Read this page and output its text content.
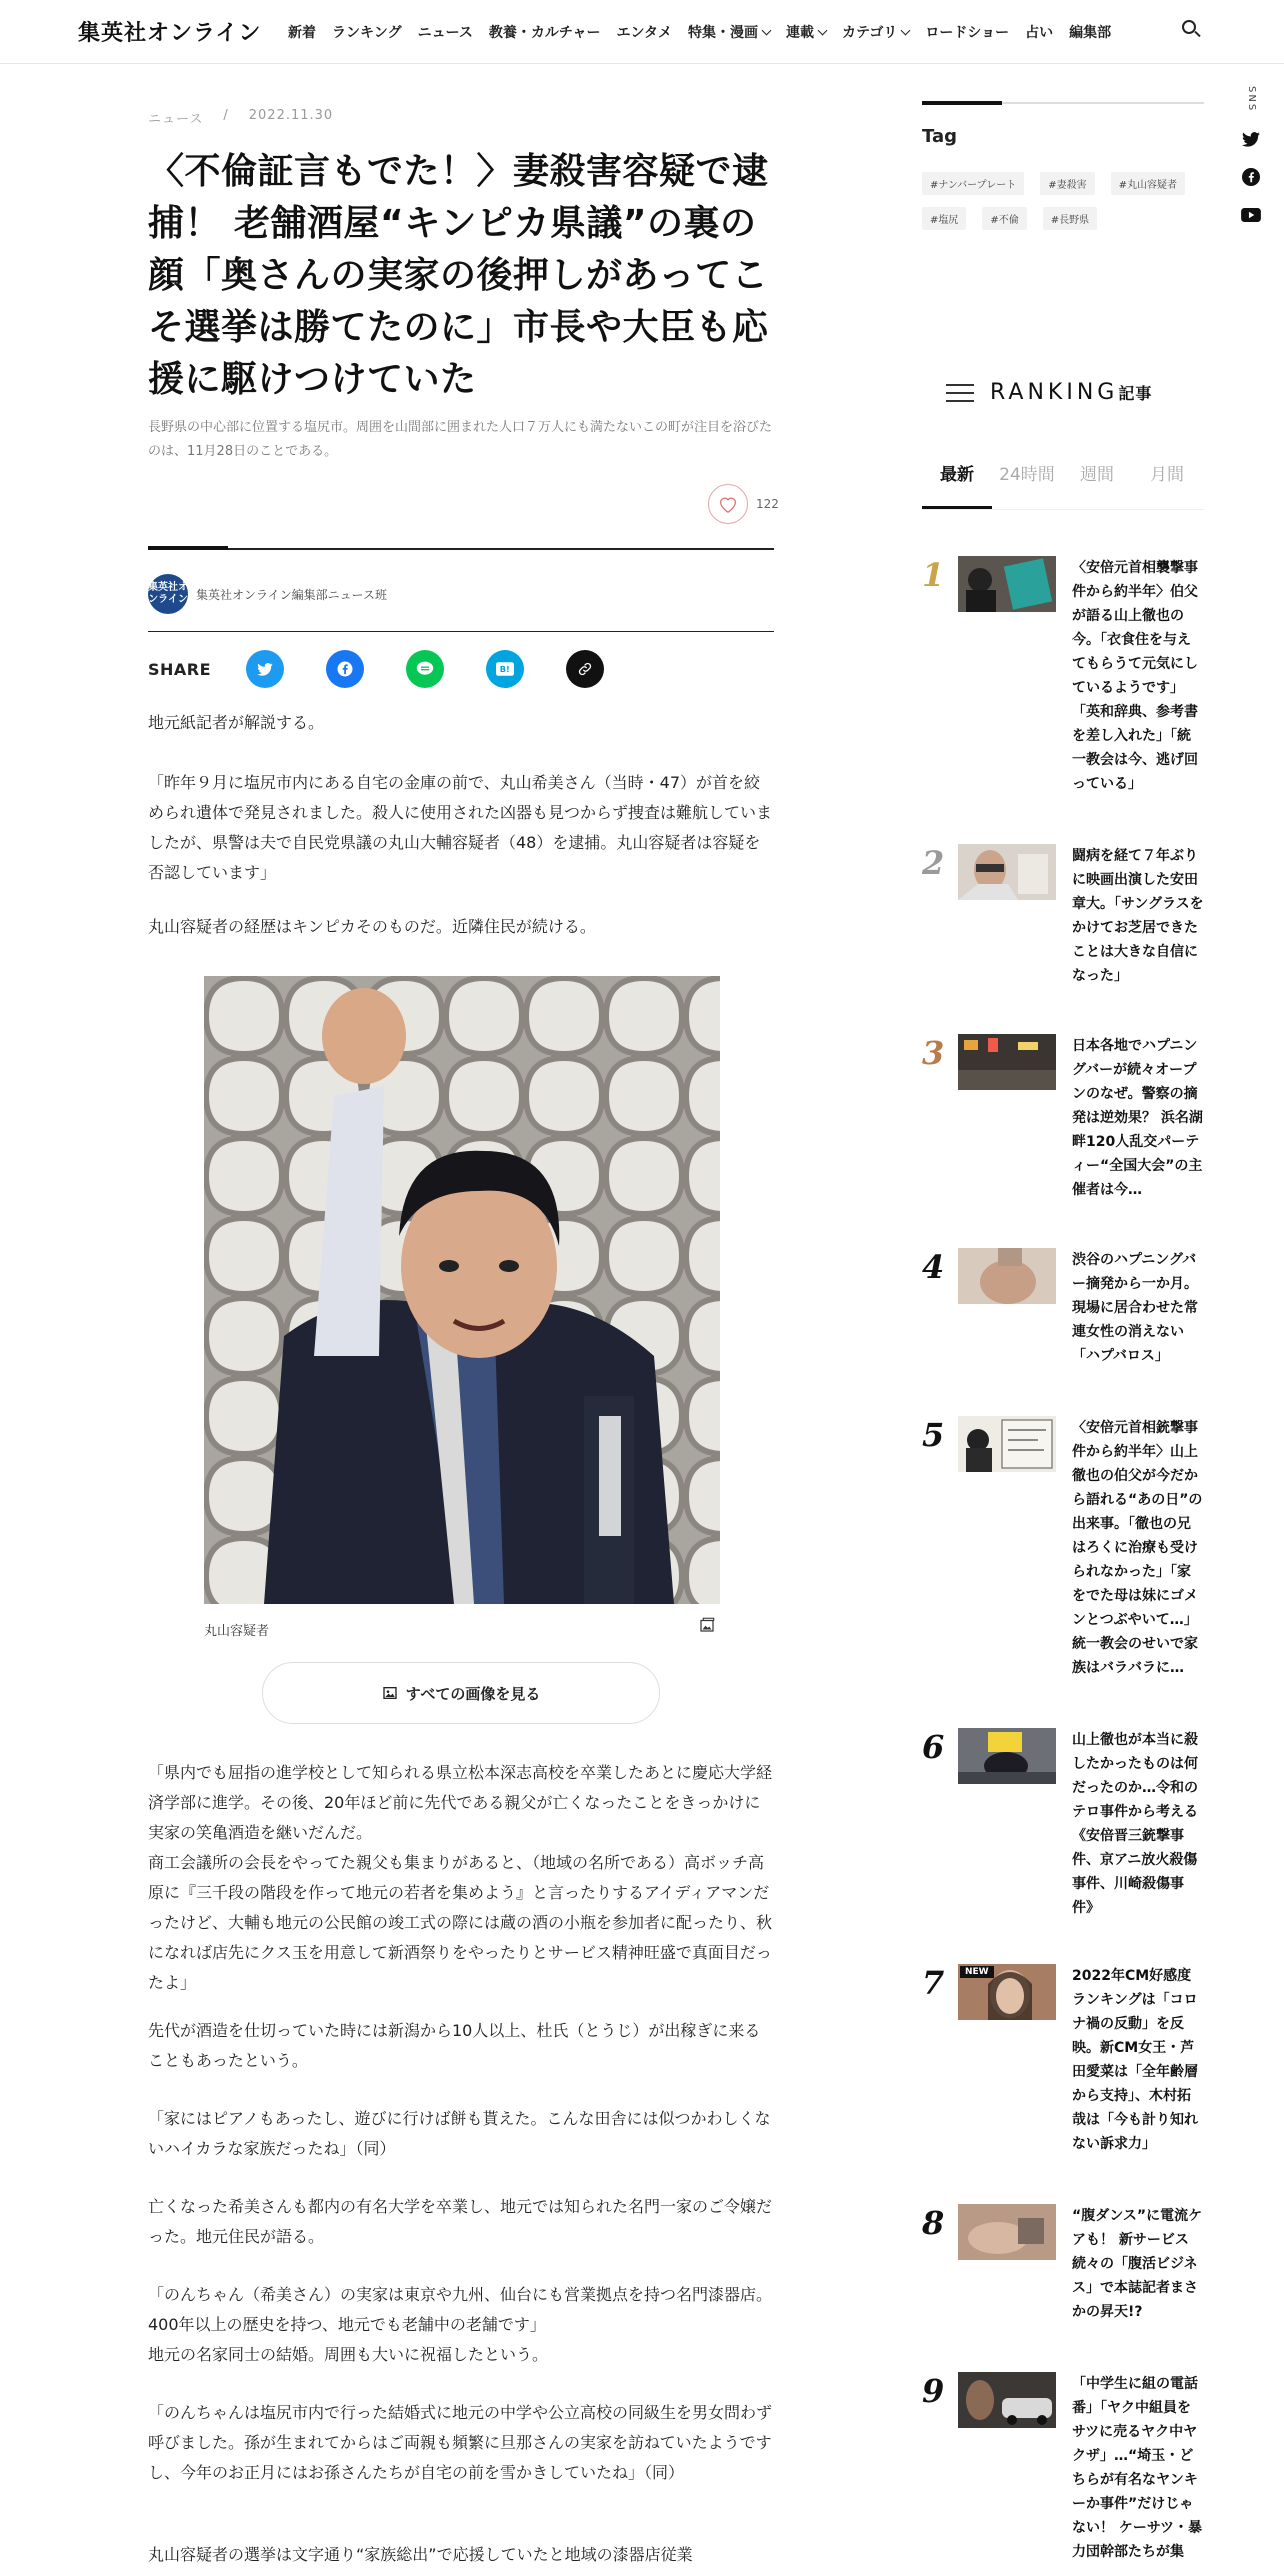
集英社オンライン 新着 ランキング ニュース 教養・カルチャー エンタメ 特集・漫画 連載 カテゴリ ロードショー 占い 編集部
SNS
ニュース / 2022.11.30
〈不倫証言もでた！〉妻殺害容疑で逮捕！ 老舗酒屋“キンピカ県議”の裏の顔「奥さんの実家の後押しがあってこそ選挙は勝てたのに」市長や大臣も応援に駆けつけていた

長野県の中心部に位置する塩尻市。周囲を山間部に囲まれた人口７万人にも満たないこの町が注目を浴びたのは、11月28日のことである。

122
集英社オンライン 集英社オンライン編集部ニュース班
SHARE	B!

地元紙記者が解説する。

「昨年９月に塩尻市内にある自宅の金庫の前で、丸山希美さん（当時・47）が首を絞められ遺体で発見されました。殺人に使用された凶器も見つからず捜査は難航していましたが、県警は夫で自民党県議の丸山大輔容疑者（48）を逮捕。丸山容疑者は容疑を否認しています」

丸山容疑者の経歴はキンピカそのものだ。近隣住民が続ける。

丸山容疑者
すべての画像を見る

「県内でも屈指の進学校として知られる県立松本深志高校を卒業したあとに慶応大学経済学部に進学。その後、20年ほど前に先代である親父が亡くなったことをきっかけに実家の笑亀酒造を継いだんだ。
商工会議所の会長をやってた親父も集まりがあると、（地域の名所である）高ボッチ高原に『三千段の階段を作って地元の若者を集めよう』と言ったりするアイディアマンだったけど、大輔も地元の公民館の竣工式の際には蔵の酒の小瓶を参加者に配ったり、秋になれば店先にクス玉を用意して新酒祭りをやったりとサービス精神旺盛で真面目だったよ」

先代が酒造を仕切っていた時には新潟から10人以上、杜氏（とうじ）が出稼ぎに来ることもあったという。

「家にはピアノもあったし、遊びに行けば餅も貰えた。こんな田舎には似つかわしくないハイカラな家族だったね」（同）

亡くなった希美さんも都内の有名大学を卒業し、地元では知られた名門一家のご令嬢だった。地元住民が語る。

「のんちゃん（希美さん）の実家は東京や九州、仙台にも営業拠点を持つ名門漆器店。400年以上の歴史を持つ、地元でも老舗中の老舗です」
地元の名家同士の結婚。周囲も大いに祝福したという。

「のんちゃんは塩尻市内で行った結婚式に地元の中学や公立高校の同級生を男女問わず呼びました。孫が生まれてからはご両親も頻繁に旦那さんの実家を訪ねていたようですし、今年のお正月にはお孫さんたちが自宅の前を雪かきしていたね」（同）

丸山容疑者の選挙は文字通り“家族総出”で応援していたと地域の漆器店従業

Tag
#ナンバープレート	#妻殺害	#丸山容疑者
#塩尻	#不倫	#長野県
RANKING記事
最新	24時間	週間	月間
1	〈安倍元首相襲撃事件から約半年〉伯父が語る山上徹也の今。「衣食住を与えてもらうて元気にしているようです」「英和辞典、参考書を差し入れた」「統一教会は今、逃げ回っている」
2	闘病を経て７年ぶりに映画出演した安田章大。「サングラスをかけてお芝居できたことは大きな自信になった」
3	日本各地でハプニングバーが続々オープンのなぜ。警察の摘発は逆効果？ 浜名湖畔120人乱交パーティー“全国大会”の主催者は今…
4	渋谷のハプニングバー摘発から一か月。現場に居合わせた常連女性の消えない「ハプバロス」
5	〈安倍元首相銃撃事件から約半年〉山上徹也の伯父が今だから語れる“あの日”の出来事。「徹也の兄はろくに治療も受けられなかった」「家をでた母は妹にゴメンとつぶやいて…」統一教会のせいで家族はバラバラに…
6	山上徹也が本当に殺したかったものは何だったのか…令和のテロ事件から考える《安倍晋三銃撃事件、京アニ放火殺傷事件、川崎殺傷事件》
7	NEW	2022年CM好感度ランキングは「コロナ禍の反動」を反映。新CM女王・芦田愛菜は「全年齢層から支持」、木村拓哉は「今も計り知れない訴求力」
8	“腹ダンス”に電流ケアも！ 新サービス続々の「腹活ビジネス」で本誌記者まさかの昇天!?
9	「中学生に組の電話番」「ヤク中組員をサツに売るヤク中ヤクザ」…“埼玉・どちらが有名なヤンキーか事件”だけじゃない！ ケーサツ・暴力団幹部たちが集
